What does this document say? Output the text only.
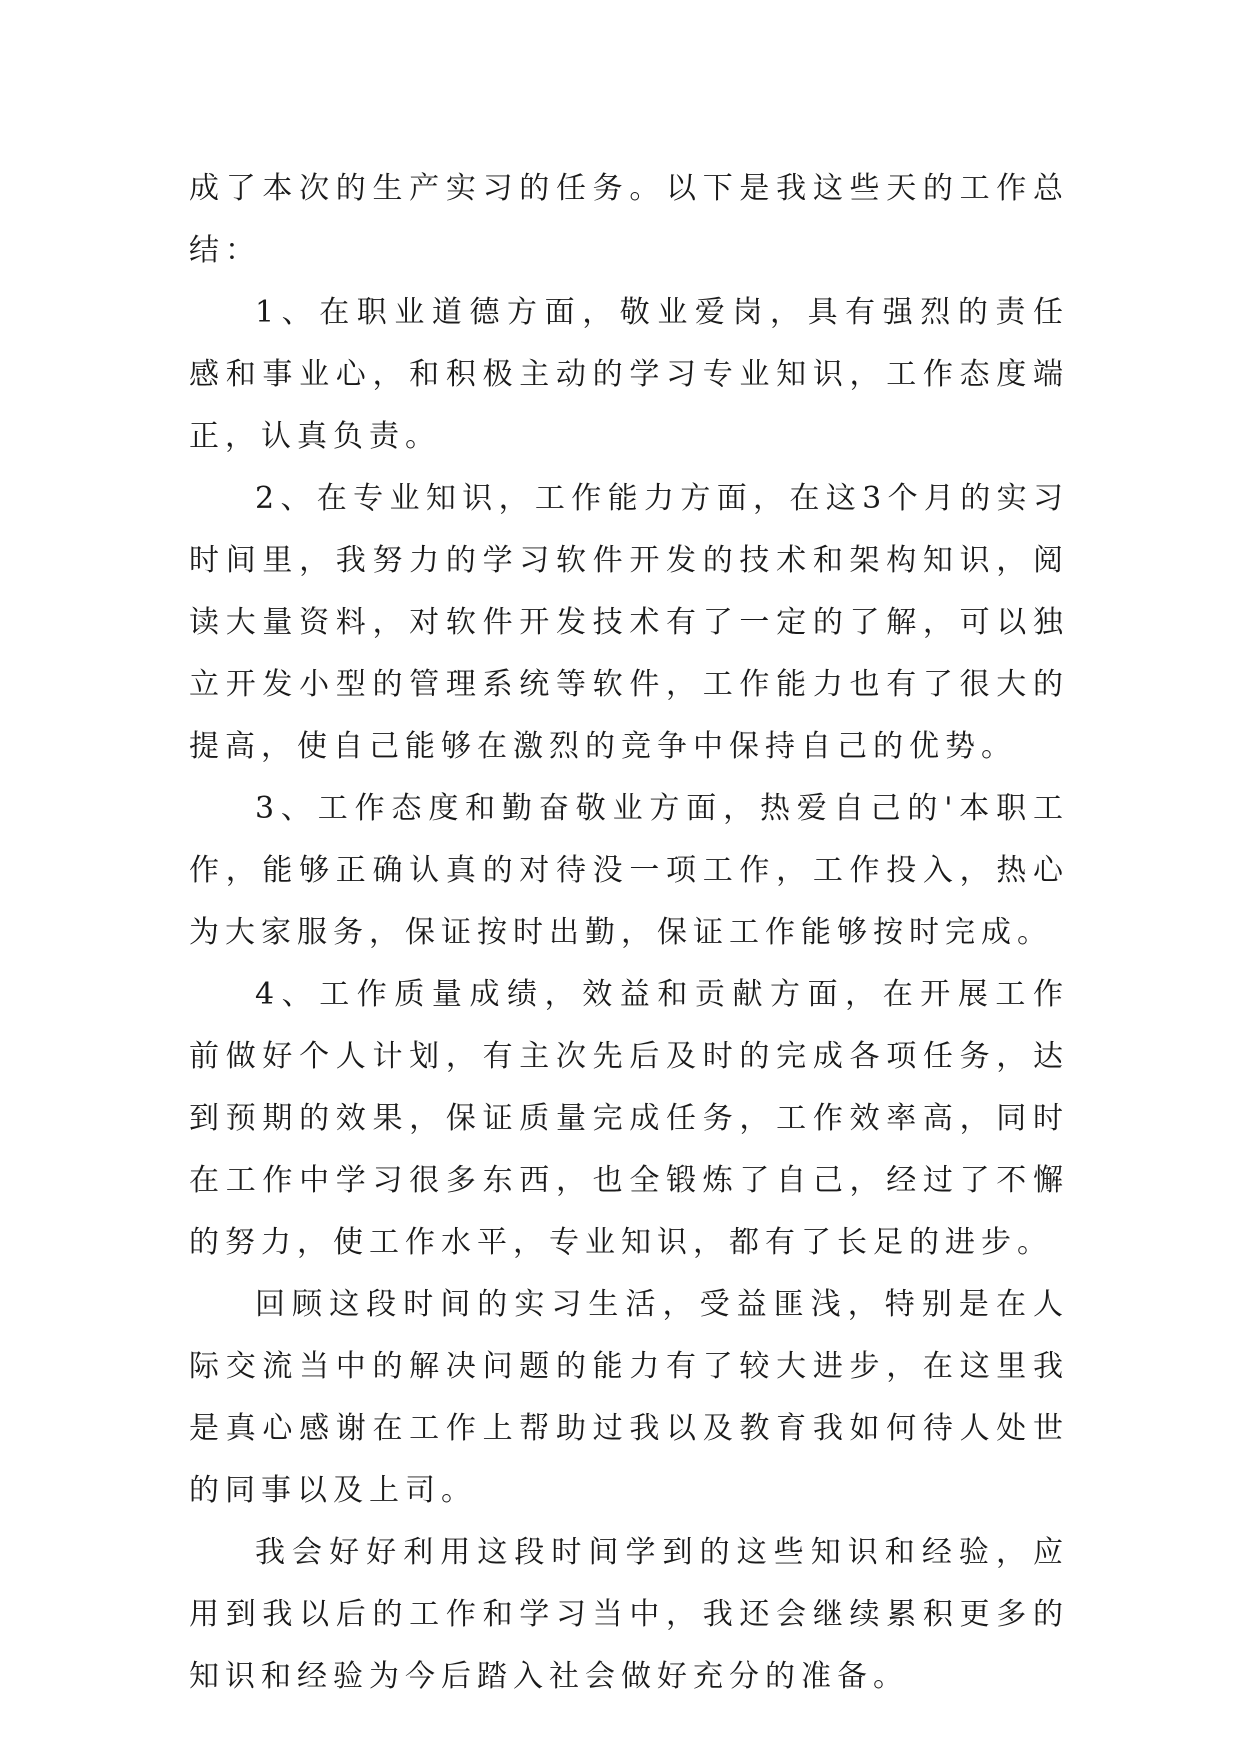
成了本次的生产实习的任务。以下是我这些天的工作总结：

1、在职业道德方面，敬业爱岗，具有强烈的责任感和事业心，和积极主动的学习专业知识，工作态度端正，认真负责。

2、在专业知识，工作能力方面，在这3个月的实习时间里，我努力的学习软件开发的技术和架构知识，阅读大量资料，对软件开发技术有了一定的了解，可以独立开发小型的管理系统等软件，工作能力也有了很大的提高，使自己能够在激烈的竞争中保持自己的优势。

3、工作态度和勤奋敬业方面，热爱自己的'本职工作，能够正确认真的对待没一项工作，工作投入，热心为大家服务，保证按时出勤，保证工作能够按时完成。

4、工作质量成绩，效益和贡献方面，在开展工作前做好个人计划，有主次先后及时的完成各项任务，达到预期的效果，保证质量完成任务，工作效率高，同时在工作中学习很多东西，也全锻炼了自己，经过了不懈的努力，使工作水平，专业知识，都有了长足的进步。

回顾这段时间的实习生活，受益匪浅，特别是在人际交流当中的解决问题的能力有了较大进步，在这里我是真心感谢在工作上帮助过我以及教育我如何待人处世的同事以及上司。

我会好好利用这段时间学到的这些知识和经验，应用到我以后的工作和学习当中，我还会继续累积更多的知识和经验为今后踏入社会做好充分的准备。
